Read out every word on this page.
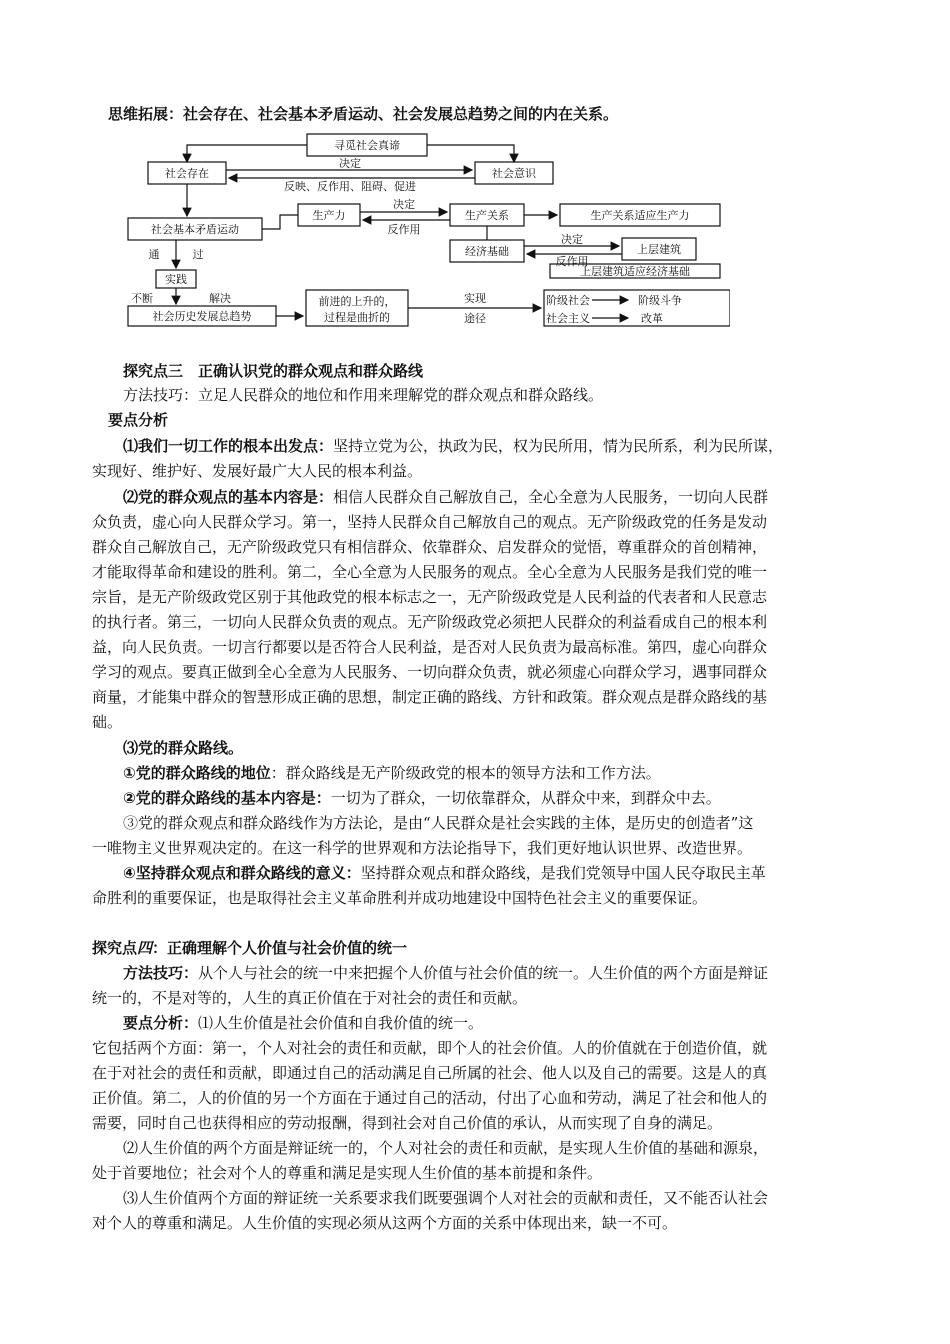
思维拓展：社会存在、社会基本矛盾运动、社会发展总趋势之间的内在关系。
寻觅社会真谛
社会存在	社会意识
决定
反映、反作用、阻碍、促进
社会基本矛盾运动
生产力
决定
反作用
生产关系	生产关系适应生产力
通	过	经济基础
决定
上层建筑
反作用
上层建筑适应经济基础
实践
不断	解决
社会历史发展总趋势
前进的上升的，
过程是曲折的
实现
途径
阶级社会	阶级斗争
社会主义	改革
探究点三　正确认识党的群众观点和群众路线
方法技巧：立足人民群众的地位和作用来理解党的群众观点和群众路线。
要点分析
⑴我们一切工作的根本出发点：坚持立党为公，执政为民，权为民所用，情为民所系，利为民所谋，
实现好、维护好、发展好最广大人民的根本利益。
⑵党的群众观点的基本内容是：相信人民群众自己解放自己，全心全意为人民服务，一切向人民群
众负责，虚心向人民群众学习。第一，坚持人民群众自己解放自己的观点。无产阶级政党的任务是发动
群众自己解放自己，无产阶级政党只有相信群众、依靠群众、启发群众的觉悟，尊重群众的首创精神，
才能取得革命和建设的胜利。第二，全心全意为人民服务的观点。全心全意为人民服务是我们党的唯一
宗旨，是无产阶级政党区别于其他政党的根本标志之一，无产阶级政党是人民利益的代表者和人民意志
的执行者。第三，一切向人民群众负责的观点。无产阶级政党必须把人民群众的利益看成自己的根本利
益，向人民负责。一切言行都要以是否符合人民利益，是否对人民负责为最高标准。第四，虚心向群众
学习的观点。要真正做到全心全意为人民服务、一切向群众负责，就必须虚心向群众学习，遇事同群众
商量，才能集中群众的智慧形成正确的思想，制定正确的路线、方针和政策。群众观点是群众路线的基
础。
⑶党的群众路线。
①党的群众路线的地位：群众路线是无产阶级政党的根本的领导方法和工作方法。
②党的群众路线的基本内容是：一切为了群众，一切依靠群众，从群众中来，到群众中去。
③党的群众观点和群众路线作为方法论，是由“人民群众是社会实践的主体，是历史的创造者”这
一唯物主义世界观决定的。在这一科学的世界观和方法论指导下，我们更好地认识世界、改造世界。
④坚持群众观点和群众路线的意义：坚持群众观点和群众路线，是我们党领导中国人民夺取民主革
命胜利的重要保证，也是取得社会主义革命胜利并成功地建设中国特色社会主义的重要保证。
探究点四：正确理解个人价值与社会价值的统一
方法技巧：从个人与社会的统一中来把握个人价值与社会价值的统一。人生价值的两个方面是辩证
统一的，不是对等的，人生的真正价值在于对社会的责任和贡献。
要点分析：⑴人生价值是社会价值和自我价值的统一。
它包括两个方面：第一，个人对社会的责任和贡献，即个人的社会价值。人的价值就在于创造价值，就
在于对社会的责任和贡献，即通过自己的活动满足自己所属的社会、他人以及自己的需要。这是人的真
正价值。第二，人的价值的另一个方面在于通过自己的活动，付出了心血和劳动，满足了社会和他人的
需要，同时自己也获得相应的劳动报酬，得到社会对自己价值的承认，从而实现了自身的满足。
⑵人生价值的两个方面是辩证统一的，个人对社会的责任和贡献，是实现人生价值的基础和源泉，
处于首要地位；社会对个人的尊重和满足是实现人生价值的基本前提和条件。
⑶人生价值两个方面的辩证统一关系要求我们既要强调个人对社会的贡献和责任，又不能否认社会
对个人的尊重和满足。人生价值的实现必须从这两个方面的关系中体现出来，缺一不可。
